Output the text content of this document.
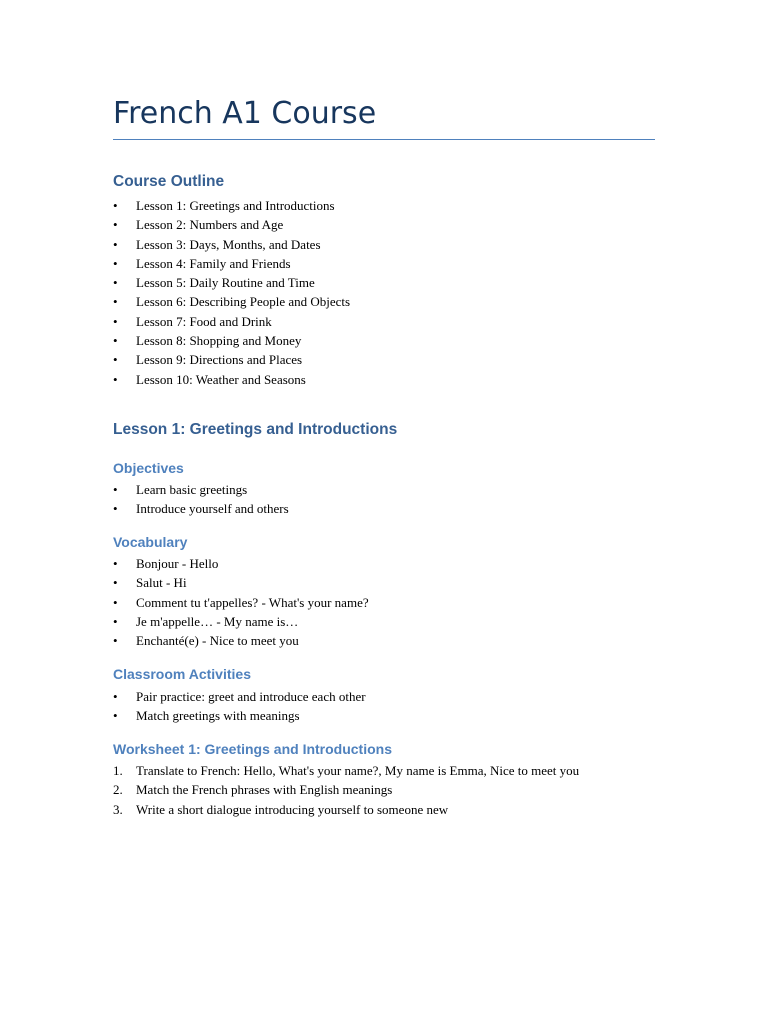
French A1 Course
Course Outline
• Lesson 1: Greetings and Introductions
• Lesson 2: Numbers and Age
• Lesson 3: Days, Months, and Dates
• Lesson 4: Family and Friends
• Lesson 5: Daily Routine and Time
• Lesson 6: Describing People and Objects
• Lesson 7: Food and Drink
• Lesson 8: Shopping and Money
• Lesson 9: Directions and Places
• Lesson 10: Weather and Seasons
Lesson 1: Greetings and Introductions
Objectives
• Learn basic greetings
• Introduce yourself and others
Vocabulary
• Bonjour - Hello
• Salut - Hi
• Comment tu t'appelles? - What's your name?
• Je m'appelle… - My name is…
• Enchanté(e) - Nice to meet you
Classroom Activities
• Pair practice: greet and introduce each other
• Match greetings with meanings
Worksheet 1: Greetings and Introductions
1. Translate to French: Hello, What's your name?, My name is Emma, Nice to meet you
2. Match the French phrases with English meanings
3. Write a short dialogue introducing yourself to someone new
